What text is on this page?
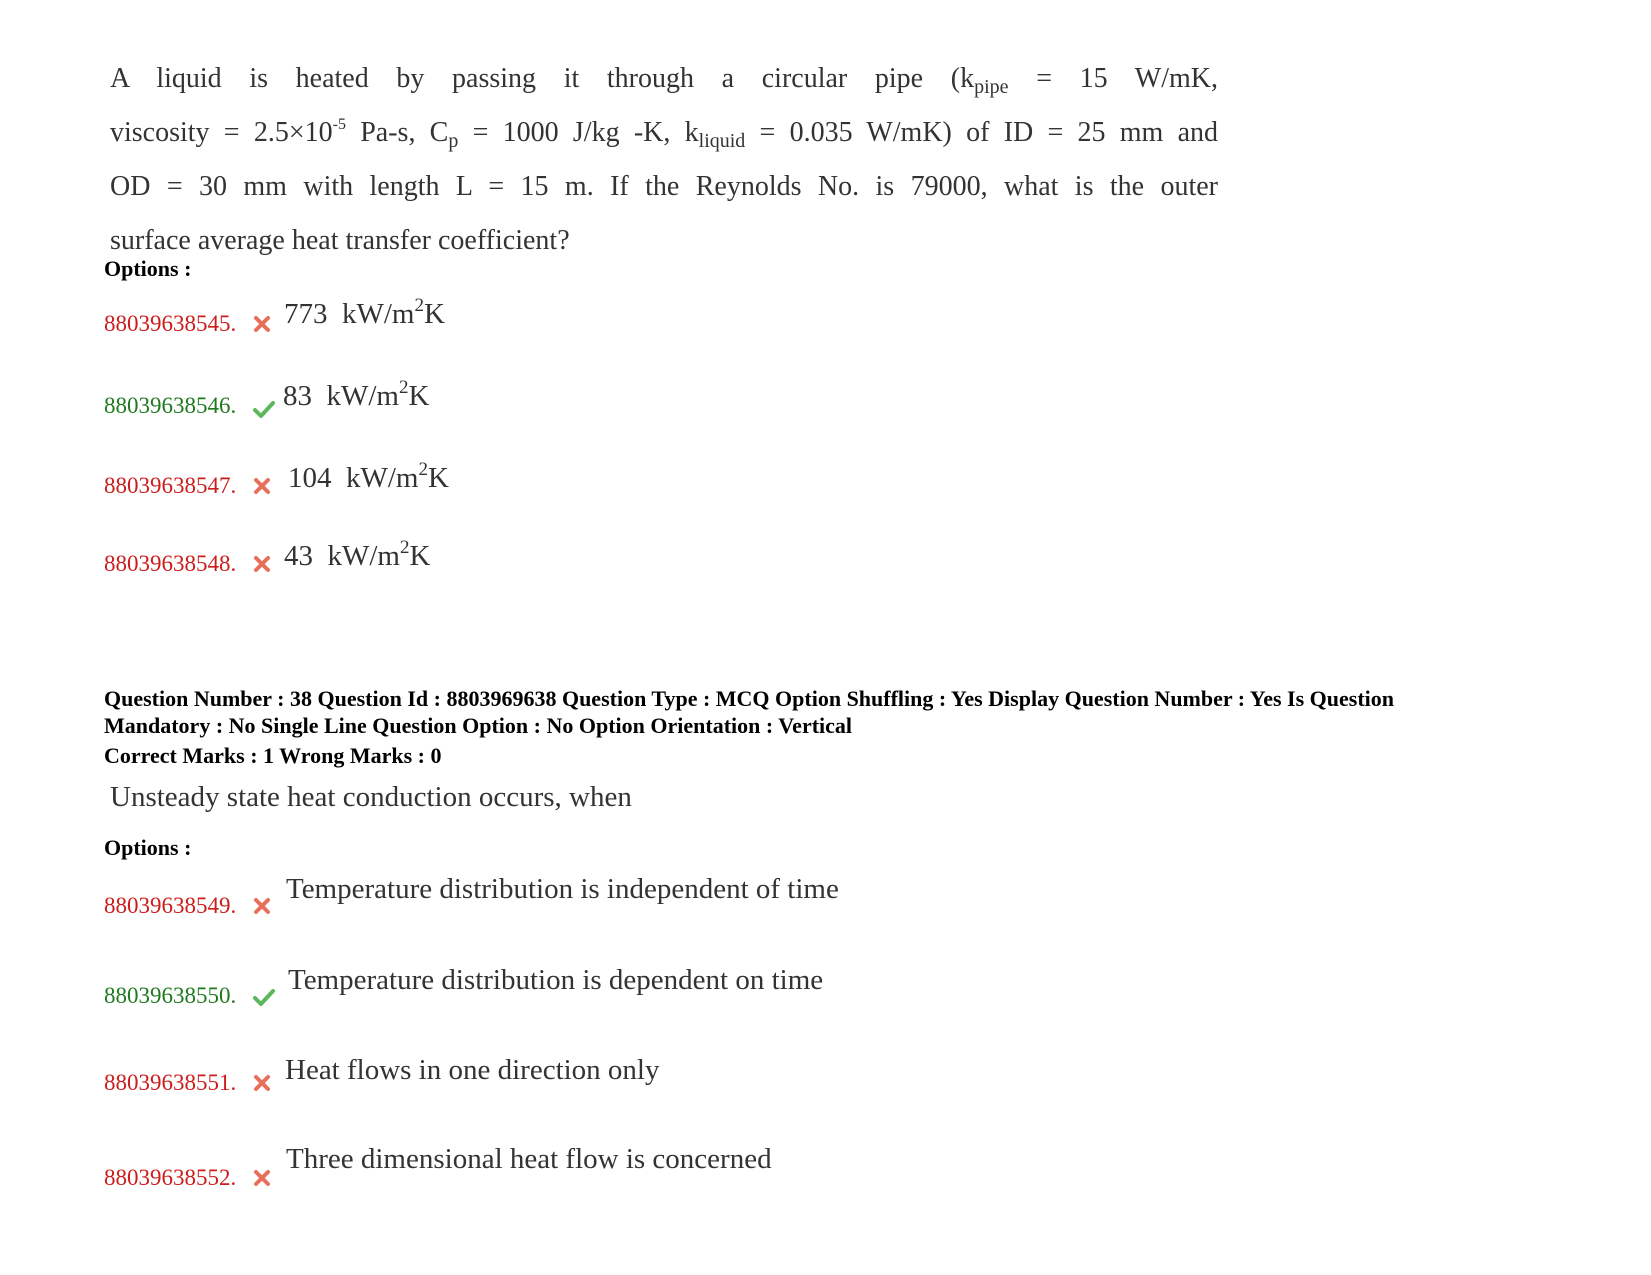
A liquid is heated by passing it through a circular pipe ($k_{pipe} = 15$ W/mK,
viscosity = $2.5\times 10^{-5}$ Pa-s, $C_p = 1000$ J/kg -K, $k_{liquid} = 0.035$ W/mK) of ID = 25 mm and
OD = 30 mm with length L = 15 m. If the Reynolds No. is 79000, what is the outer
surface average heat transfer coefficient?
Options :
88039638545. 773 $kW/m^2K$
88039638546. 83 $kW/m^2K$
88039638547. 104 $kW/m^2K$
88039638548. 43 $kW/m^2K$
Question Number : 38 Question Id : 8803969638 Question Type : MCQ Option Shuffling : Yes Display Question Number : Yes Is Question
Mandatory : No Single Line Question Option : No Option Orientation : Vertical
Correct Marks : 1 Wrong Marks : 0
Unsteady state heat conduction occurs, when
Options :
88039638549.
Temperature distribution is independent of time
88039638550. Temperature distribution is dependent on time
88039638551. Heat flows in one direction only
88039638552.
Three dimensional heat flow is concerned
